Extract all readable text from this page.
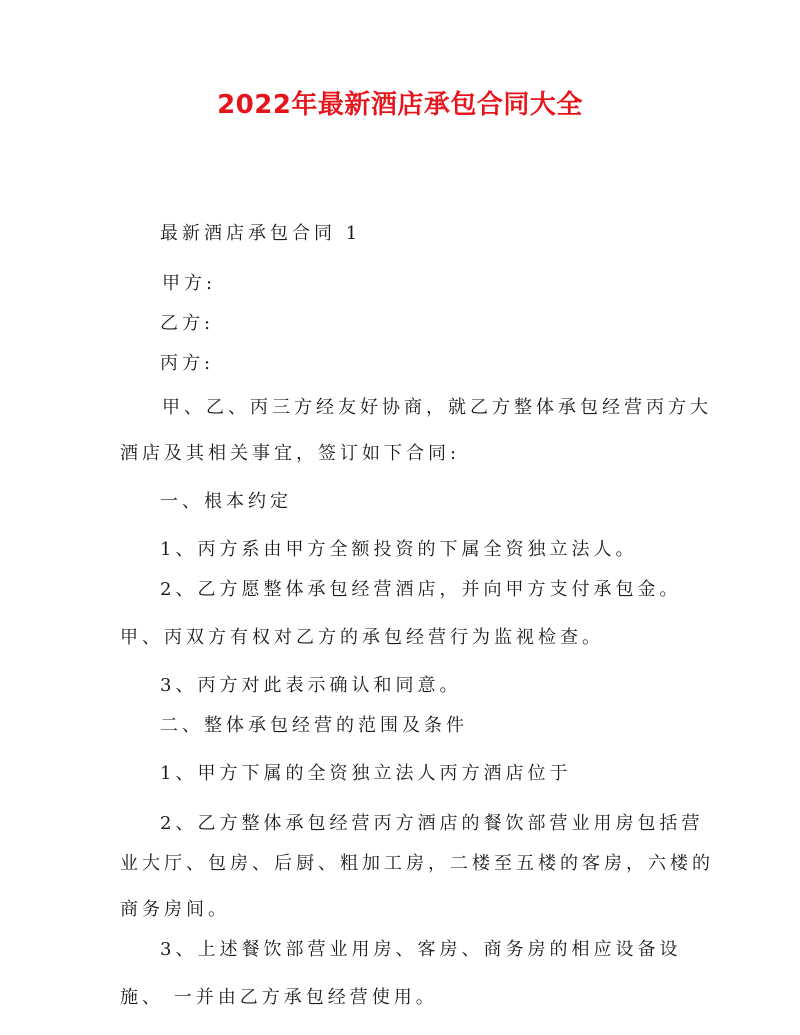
2022年最新酒店承包合同大全
最新酒店承包合同 1
甲方:
乙方:
丙方:
甲、乙、丙三方经友好协商，就乙方整体承包经营丙方大
酒店及其相关事宜，签订如下合同:
一、根本约定
1、丙方系由甲方全额投资的下属全资独立法人。
2、乙方愿整体承包经营酒店，并向甲方支付承包金。
甲、丙双方有权对乙方的承包经营行为监视检查。
3、丙方对此表示确认和同意。
二、整体承包经营的范围及条件
1、甲方下属的全资独立法人丙方酒店位于
2、乙方整体承包经营丙方酒店的餐饮部营业用房包括营
业大厅、包房、后厨、粗加工房，二楼至五楼的客房，六楼的
商务房间。
3、上述餐饮部营业用房、客房、商务房的相应设备设
施、 一并由乙方承包经营使用。
